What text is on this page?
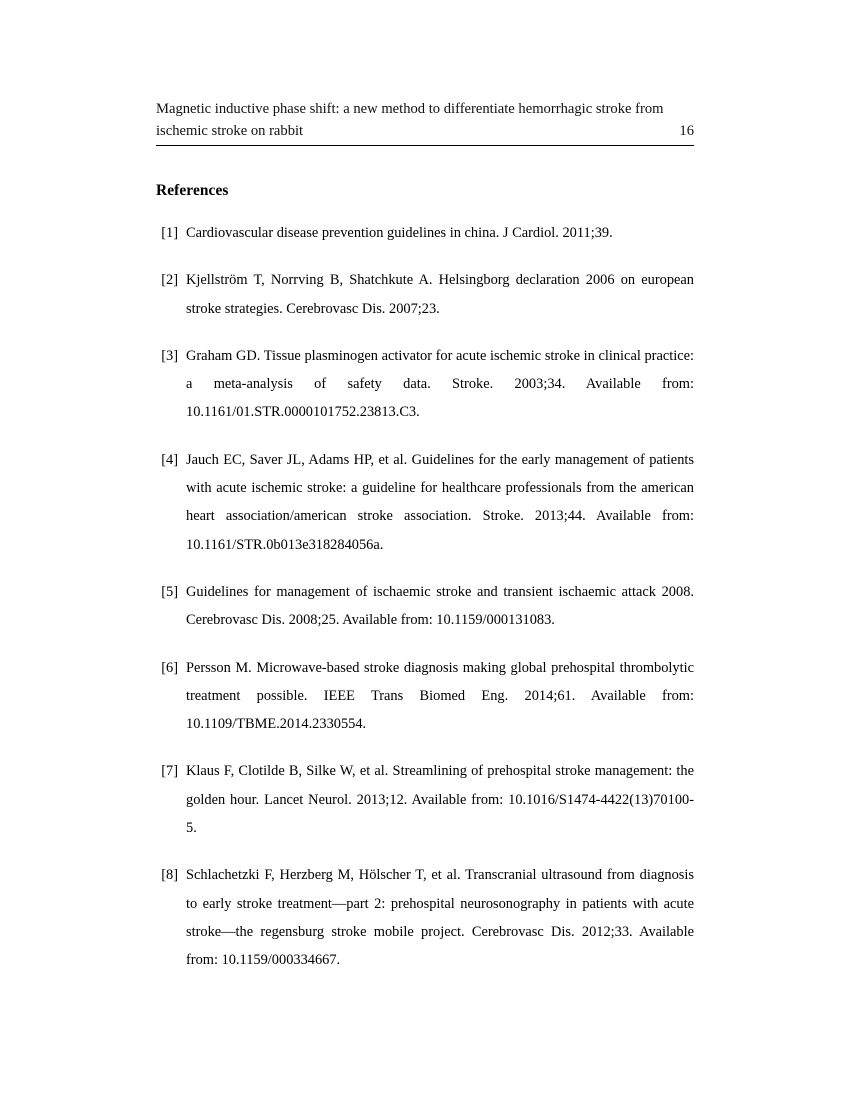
Magnetic inductive phase shift: a new method to differentiate hemorrhagic stroke from
ischemic stroke on rabbit	16
References
[1] Cardiovascular disease prevention guidelines in china. J Cardiol. 2011;39.
[2] Kjellström T, Norrving B, Shatchkute A. Helsingborg declaration 2006 on european stroke strategies. Cerebrovasc Dis. 2007;23.
[3] Graham GD. Tissue plasminogen activator for acute ischemic stroke in clinical practice: a meta-analysis of safety data. Stroke. 2003;34. Available from: 10.1161/01.STR.0000101752.23813.C3.
[4] Jauch EC, Saver JL, Adams HP, et al. Guidelines for the early management of patients with acute ischemic stroke: a guideline for healthcare professionals from the american heart association/american stroke association. Stroke. 2013;44. Available from: 10.1161/STR.0b013e318284056a.
[5] Guidelines for management of ischaemic stroke and transient ischaemic attack 2008. Cerebrovasc Dis. 2008;25. Available from: 10.1159/000131083.
[6] Persson M. Microwave-based stroke diagnosis making global prehospital thrombolytic treatment possible. IEEE Trans Biomed Eng. 2014;61. Available from: 10.1109/TBME.2014.2330554.
[7] Klaus F, Clotilde B, Silke W, et al. Streamlining of prehospital stroke management: the golden hour. Lancet Neurol. 2013;12. Available from: 10.1016/S1474-4422(13)70100-5.
[8] Schlachetzki F, Herzberg M, Hölscher T, et al. Transcranial ultrasound from diagnosis to early stroke treatment—part 2: prehospital neurosonography in patients with acute stroke—the regensburg stroke mobile project. Cerebrovasc Dis. 2012;33. Available from: 10.1159/000334667.
